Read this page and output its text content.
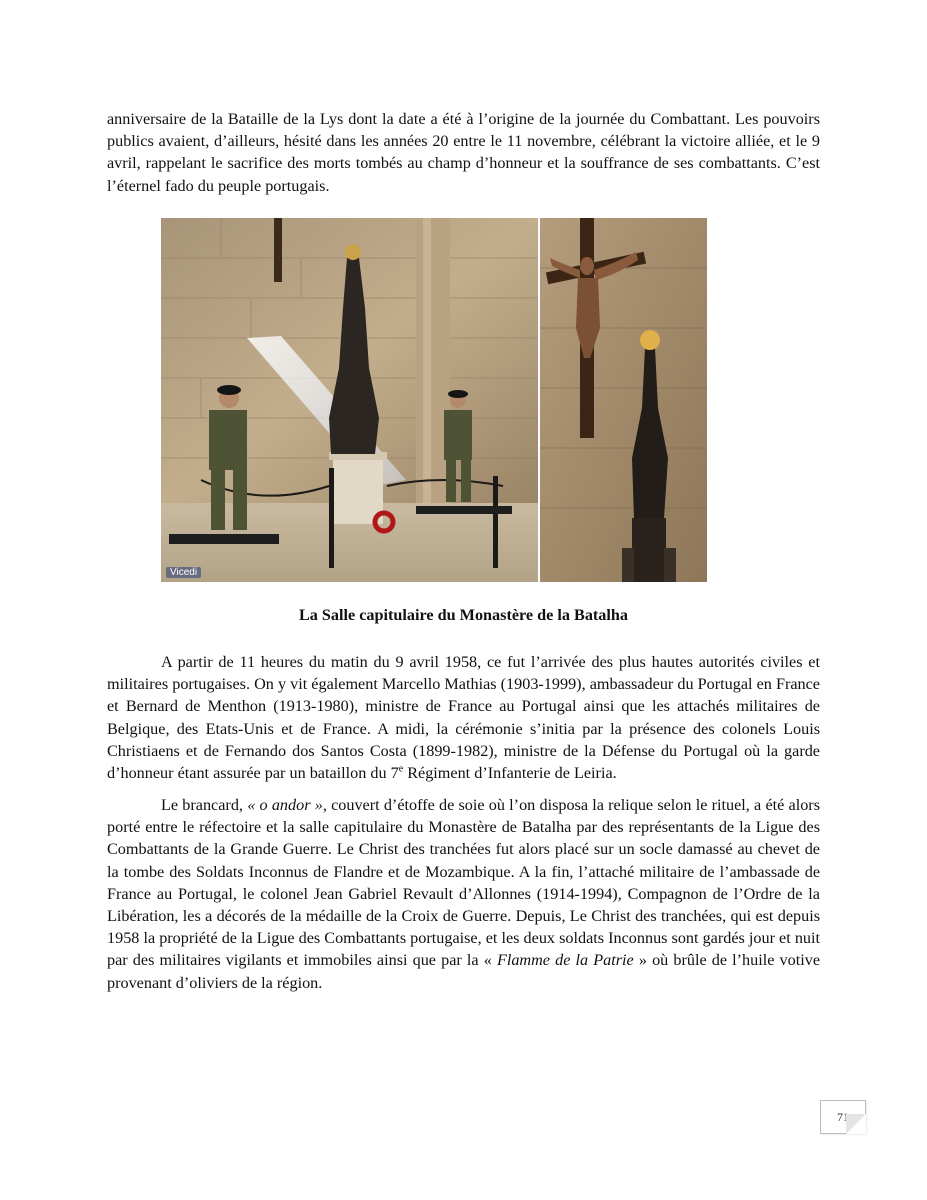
anniversaire de la Bataille de la Lys dont la date a été à l’origine de la journée du Combattant. Les pouvoirs publics avaient, d’ailleurs, hésité dans les années 20 entre le 11 novembre, célébrant la victoire alliée, et le 9 avril, rappelant le sacrifice des morts tombés au champ d’honneur et la souffrance de ses combattants. C’est l’éternel fado du peuple portugais.

Vicedi
La Salle capitulaire du Monastère de la Batalha

A partir de 11 heures du matin du 9 avril 1958, ce fut l’arrivée des plus hautes autorités civiles et militaires portugaises. On y vit également Marcello Mathias (1903-1999), ambassadeur du Portugal en France et Bernard de Menthon (1913-1980), ministre de France au Portugal ainsi que les attachés militaires de Belgique, des Etats-Unis et de France. A midi, la cérémonie s’initia par la présence des colonels Louis Christiaens et de Fernando dos Santos Costa (1899-1982), ministre de la Défense du Portugal où la garde d’honneur étant assurée par un bataillon du 7e Régiment d’Infanterie de Leiria.

Le brancard, « o andor », couvert d’étoffe de soie où l’on disposa la relique selon le rituel, a été alors porté entre le réfectoire et la salle capitulaire du Monastère de Batalha par des représentants de la Ligue des Combattants de la Grande Guerre. Le Christ des tranchées fut alors placé sur un socle damassé au chevet de la tombe des Soldats Inconnus de Flandre et de Mozambique. A la fin, l’attaché militaire de l’ambassade de France au Portugal, le colonel Jean Gabriel Revault d’Allonnes (1914-1994), Compagnon de l’Ordre de la Libération, les a décorés de la médaille de la Croix de Guerre. Depuis, Le Christ des tranchées, qui est depuis 1958 la propriété de la Ligue des Combattants portugaise, et les deux soldats Inconnus sont gardés jour et nuit par des militaires vigilants et immobiles ainsi que par la « Flamme de la Patrie » où brûle de l’huile votive provenant d’oliviers de la région.

71
